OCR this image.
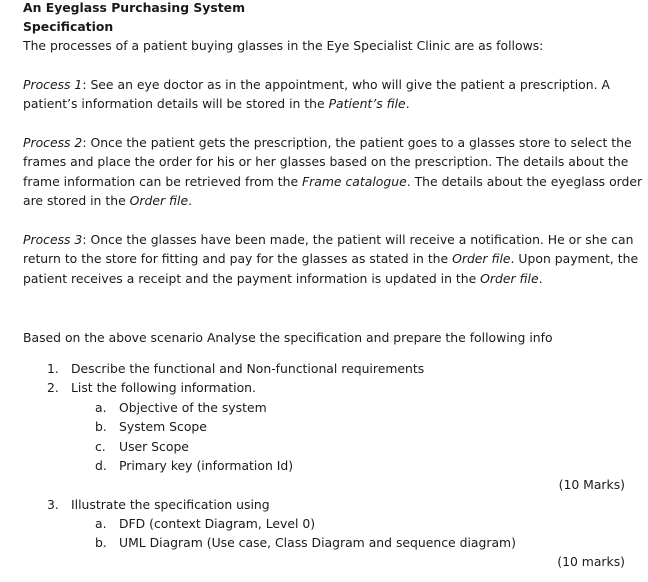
An Eyeglass Purchasing System
Specification
The processes of a patient buying glasses in the Eye Specialist Clinic are as follows:
Process 1: See an eye doctor as in the appointment, who will give the patient a prescription. A
patient’s information details will be stored in the Patient’s file.
Process 2: Once the patient gets the prescription, the patient goes to a glasses store to select the
frames and place the order for his or her glasses based on the prescription. The details about the
frame information can be retrieved from the Frame catalogue. The details about the eyeglass order
are stored in the Order file.
Process 3: Once the glasses have been made, the patient will receive a notification. He or she can
return to the store for fitting and pay for the glasses as stated in the Order file. Upon payment, the
patient receives a receipt and the payment information is updated in the Order file.
Based on the above scenario Analyse the specification and prepare the following info
1. Describe the functional and Non-functional requirements
2. List the following information.
a. Objective of the system
b. System Scope
c. User Scope
d. Primary key (information Id)
(10 Marks)
3. Illustrate the specification using
a. DFD (context Diagram, Level 0)
b. UML Diagram (Use case, Class Diagram and sequence diagram)
(10 marks)
